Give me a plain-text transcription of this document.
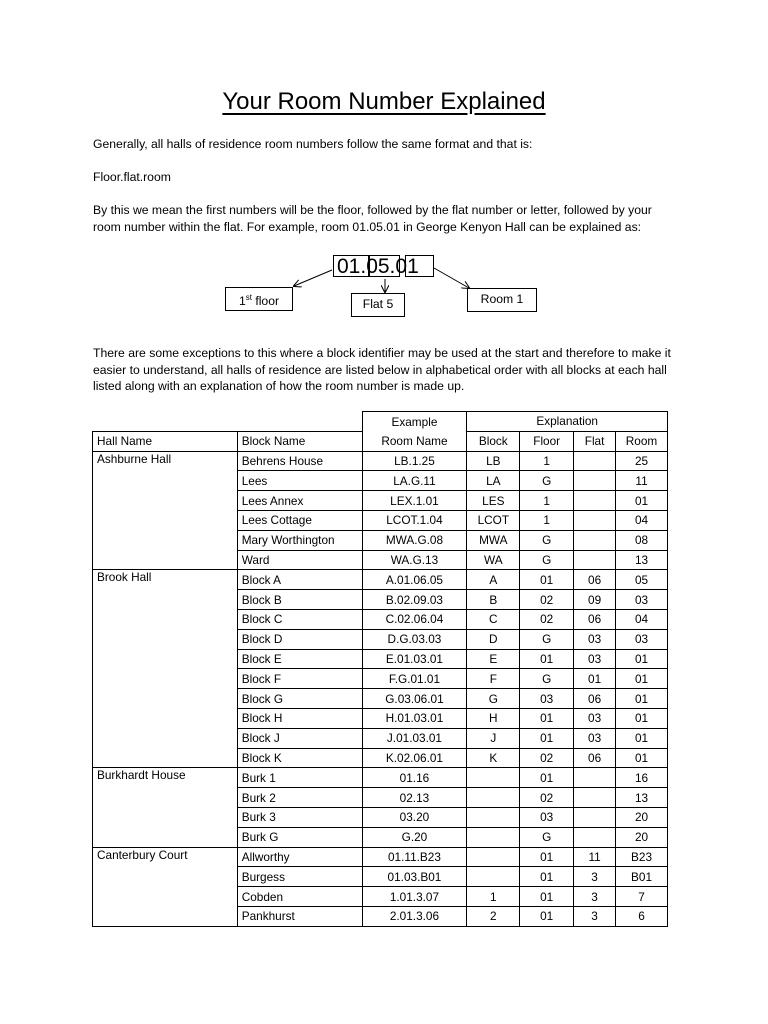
Your Room Number Explained
Generally, all halls of residence room numbers follow the same format and that is:
Floor.flat.room
By this we mean the first numbers will be the floor, followed by the flat number or letter, followed by your room number within the flat. For example, room 01.05.01 in George Kenyon Hall can be explained as:
01.05.01
1st floor	Flat 5	Room 1
There are some exceptions to this where a block identifier may be used at the start and therefore to make it easier to understand, all halls of residence are listed below in alphabetical order with all blocks at each hall listed along with an explanation of how the room number is made up.
		Example	Explanation			
Hall Name	Block Name	Room Name	Block	Floor	Flat	Room
Ashburne Hall	Behrens House	LB.1.25	LB	1		25
	Lees	LA.G.11	LA	G		11
	Lees Annex	LEX.1.01	LES	1		01
	Lees Cottage	LCOT.1.04	LCOT	1		04
	Mary Worthington	MWA.G.08	MWA	G		08
	Ward	WA.G.13	WA	G		13
Brook Hall	Block A	A.01.06.05	A	01	06	05
	Block B	B.02.09.03	B	02	09	03
	Block C	C.02.06.04	C	02	06	04
	Block D	D.G.03.03	D	G	03	03
	Block E	E.01.03.01	E	01	03	01
	Block F	F.G.01.01	F	G	01	01
	Block G	G.03.06.01	G	03	06	01
	Block H	H.01.03.01	H	01	03	01
	Block J	J.01.03.01	J	01	03	01
	Block K	K.02.06.01	K	02	06	01
Burkhardt House	Burk 1	01.16		01		16
	Burk 2	02.13		02		13
	Burk 3	03.20		03		20
	Burk G	G.20		G		20
Canterbury Court	Allworthy	01.11.B23		01	11	B23
	Burgess	01.03.B01		01	3	B01
	Cobden	1.01.3.07	1	01	3	7
	Pankhurst	2.01.3.06	2	01	3	6
